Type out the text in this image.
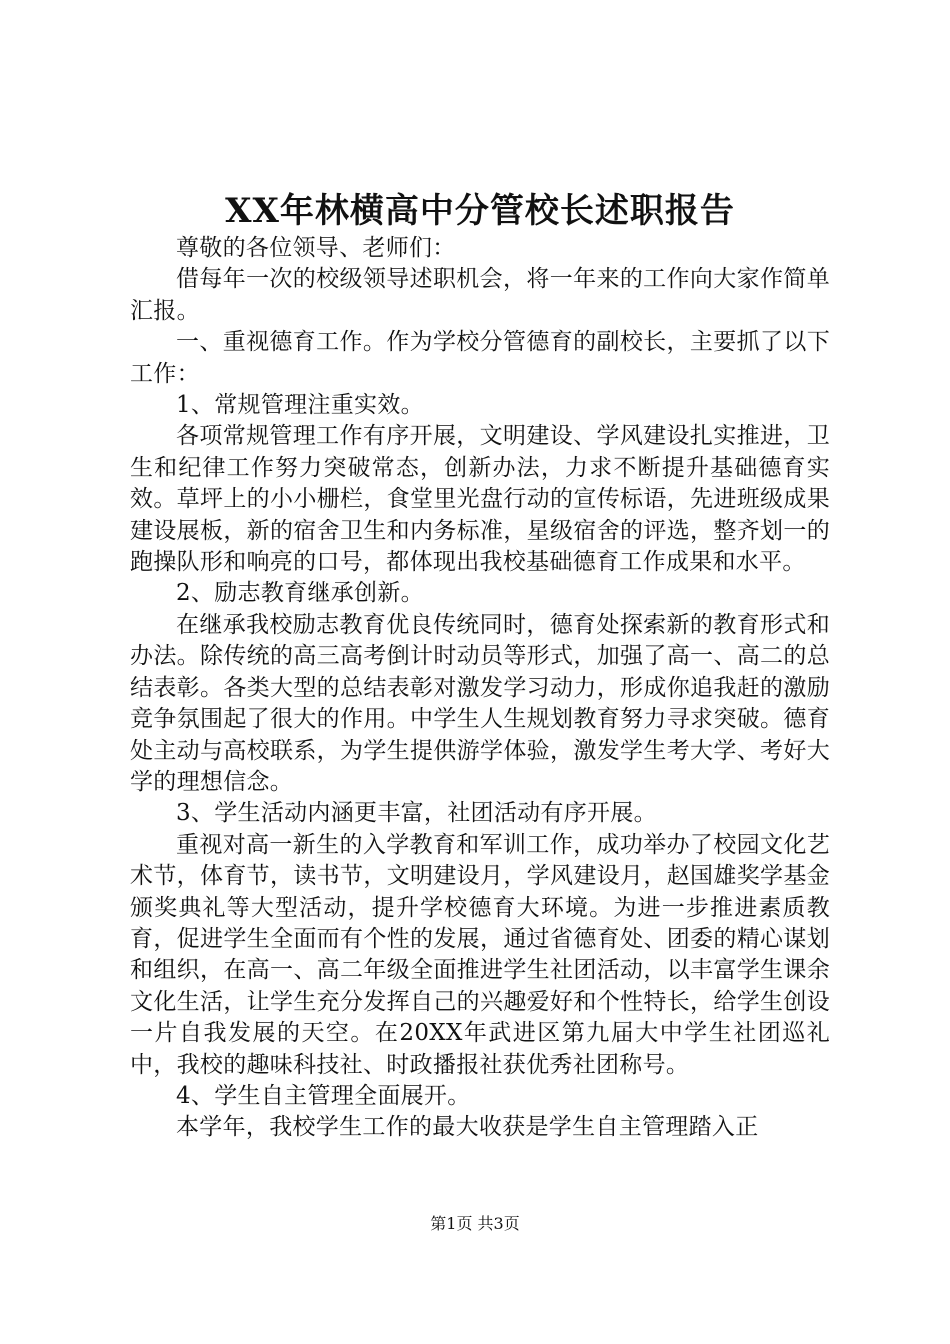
XX年林横高中分管校长述职报告

尊敬的各位领导、老师们：

借每年一次的校级领导述职机会，将一年来的工作向大家作简单汇报。

一、重视德育工作。作为学校分管德育的副校长，主要抓了以下工作：

1、常规管理注重实效。

各项常规管理工作有序开展，文明建设、学风建设扎实推进，卫生和纪律工作努力突破常态，创新办法，力求不断提升基础德育实效。草坪上的小小栅栏，食堂里光盘行动的宣传标语，先进班级成果建设展板，新的宿舍卫生和内务标准，星级宿舍的评选，整齐划一的跑操队形和响亮的口号，都体现出我校基础德育工作成果和水平。

2、励志教育继承创新。

在继承我校励志教育优良传统同时，德育处探索新的教育形式和办法。除传统的高三高考倒计时动员等形式，加强了高一、高二的总结表彰。各类大型的总结表彰对激发学习动力，形成你追我赶的激励竞争氛围起了很大的作用。中学生人生规划教育努力寻求突破。德育处主动与高校联系，为学生提供游学体验，激发学生考大学、考好大学的理想信念。

3、学生活动内涵更丰富，社团活动有序开展。

重视对高一新生的入学教育和军训工作，成功举办了校园文化艺术节，体育节，读书节，文明建设月，学风建设月，赵国雄奖学基金颁奖典礼等大型活动，提升学校德育大环境。为进一步推进素质教育，促进学生全面而有个性的发展，通过省德育处、团委的精心谋划和组织，在高一、高二年级全面推进学生社团活动，以丰富学生课余文化生活，让学生充分发挥自己的兴趣爱好和个性特长，给学生创设一片自我发展的天空。在20XX年武进区第九届大中学生社团巡礼中，我校的趣味科技社、时政播报社获优秀社团称号。

4、学生自主管理全面展开。

本学年，我校学生工作的最大收获是学生自主管理踏入正

第1页 共3页
